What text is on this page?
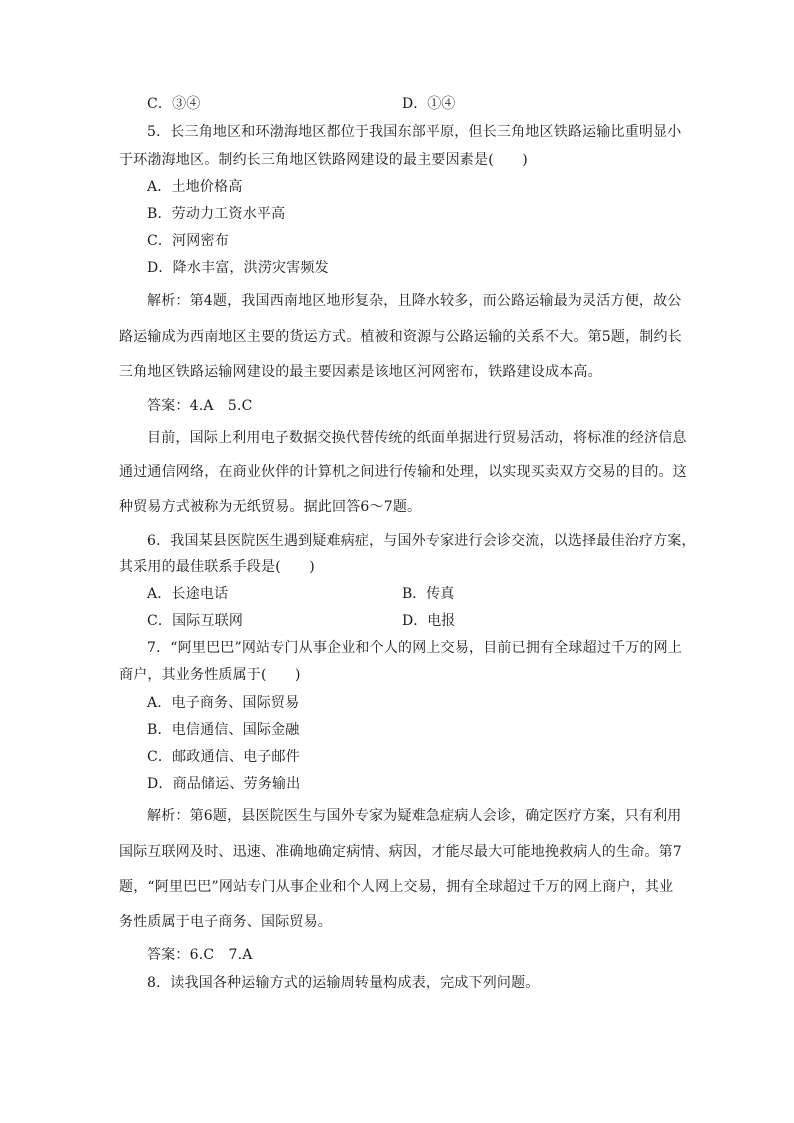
C．③④	D．①④
5．长三角地区和环渤海地区都位于我国东部平原，但长三角地区铁路运输比重明显小
于环渤海地区。制约长三角地区铁路网建设的最主要因素是(　　)
A．土地价格高
B．劳动力工资水平高
C．河网密布
D．降水丰富，洪涝灾害频发
解析：第4题，我国西南地区地形复杂，且降水较多，而公路运输最为灵活方便，故公
路运输成为西南地区主要的货运方式。植被和资源与公路运输的关系不大。第5题，制约长
三角地区铁路运输网建设的最主要因素是该地区河网密布，铁路建设成本高。
答案：4.A　5.C
目前，国际上利用电子数据交换代替传统的纸面单据进行贸易活动，将标准的经济信息
通过通信网络，在商业伙伴的计算机之间进行传输和处理，以实现买卖双方交易的目的。这
种贸易方式被称为无纸贸易。据此回答6～7题。
6．我国某县医院医生遇到疑难病症，与国外专家进行会诊交流，以选择最佳治疗方案，
其采用的最佳联系手段是(　　)
A．长途电话	B．传真
C．国际互联网	D．电报
7．“阿里巴巴”网站专门从事企业和个人的网上交易，目前已拥有全球超过千万的网上
商户，其业务性质属于(　　)
A．电子商务、国际贸易
B．电信通信、国际金融
C．邮政通信、电子邮件
D．商品储运、劳务输出
解析：第6题，县医院医生与国外专家为疑难急症病人会诊，确定医疗方案，只有利用
国际互联网及时、迅速、准确地确定病情、病因，才能尽最大可能地挽救病人的生命。第7
题，“阿里巴巴”网站专门从事企业和个人网上交易，拥有全球超过千万的网上商户，其业
务性质属于电子商务、国际贸易。
答案：6.C　7.A
8．读我国各种运输方式的运输周转量构成表，完成下列问题。
